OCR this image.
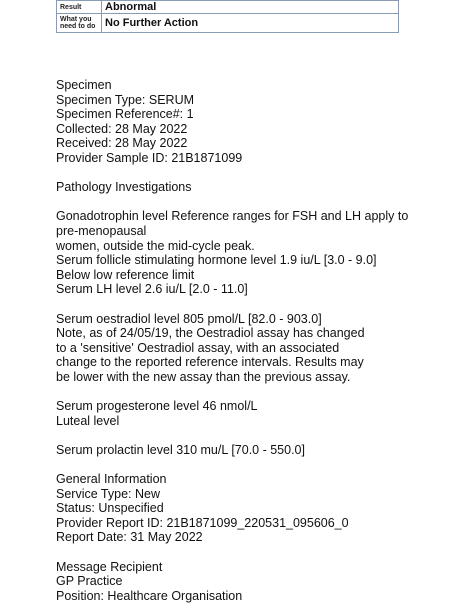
Result	Abnormal
What you need to do	No Further Action
Specimen
Specimen Type: SERUM
Specimen Reference#: 1
Collected: 28 May 2022
Received: 28 May 2022
Provider Sample ID: 21B1871099
Pathology Investigations
Gonadotrophin level Reference ranges for FSH and LH apply to
pre-menopausal
women, outside the mid-cycle peak.
Serum follicle stimulating hormone level 1.9 iu/L [3.0 - 9.0]
Below low reference limit
Serum LH level 2.6 iu/L [2.0 - 11.0]
Serum oestradiol level 805 pmol/L [82.0 - 903.0]
Note, as of 24/05/19, the Oestradiol assay has changed
to a 'sensitive' Oestradiol assay, with an associated
change to the reported reference intervals. Results may
be lower with the new assay than the previous assay.
Serum progesterone level 46 nmol/L
Luteal level
Serum prolactin level 310 mu/L [70.0 - 550.0]
General Information
Service Type: New
Status: Unspecified
Provider Report ID: 21B1871099_220531_095606_0
Report Date: 31 May 2022
Message Recipient
GP Practice
Position: Healthcare Organisation
